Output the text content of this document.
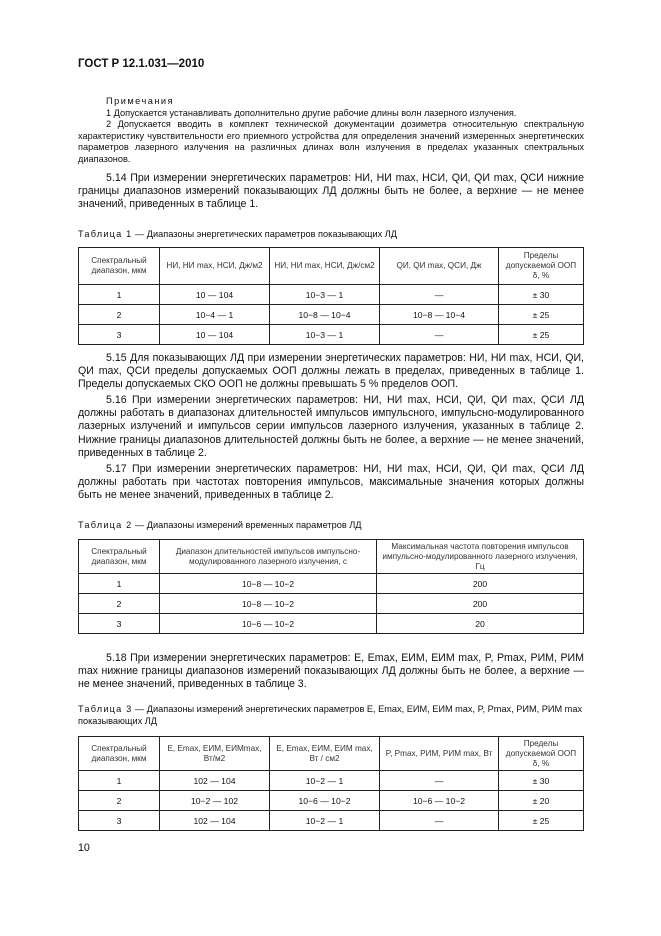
ГОСТ Р 12.1.031—2010
Примечания
1 Допускается устанавливать дополнительно другие рабочие длины волн лазерного излучения.
2 Допускается вводить в комплект технической документации дозиметра относительную спектральную характеристику чувствительности его приемного устройства для определения значений измеренных энергетических параметров лазерного излучения на различных длинах волн излучения в пределах указанных спектральных диапазонов.
5.14 При измерении энергетических параметров: HИ, HИ max, HСИ, QИ, QИ max, QСИ нижние границы диапазонов измерений показывающих ЛД должны быть не более, а верхние — не менее значений, приведенных в таблице 1.
Таблица 1 — Диапазоны энергетических параметров показывающих ЛД
Спектральный диапазон, мкм	HИ, HИ max, HСИ, Дж/м2	HИ, HИ max, HСИ, Дж/см2	QИ, QИ max, QСИ, Дж	Пределы допускаемой ООП δ, %
1	10 — 104	10−3 — 1	—	± 30
2	10−4 — 1	10−8 — 10−4	10−8 — 10−4	± 25
3	10 — 104	10−3 — 1	—	± 25
5.15 Для показывающих ЛД при измерении энергетических параметров: HИ, HИ max, HСИ, QИ, QИ max, QСИ пределы допускаемых ООП должны лежать в пределах, приведенных в таблице 1. Пределы допускаемых СКО ООП не должны превышать 5 % пределов ООП.
5.16 При измерении энергетических параметров: HИ, HИ max, HСИ, QИ, QИ max, QСИ ЛД должны работать в диапазонах длительностей импульсов импульсного, импульсно-модулированного лазерных излучений и импульсов серии импульсов лазерного излучения, указанных в таблице 2. Нижние границы диапазонов длительностей должны быть не более, а верхние — не менее значений, приведенных в таблице 2.
5.17 При измерении энергетических параметров: HИ, HИ max, HСИ, QИ, QИ max, QСИ ЛД должны работать при частотах повторения импульсов, максимальные значения которых должны быть не менее значений, приведенных в таблице 2.
Таблица 2 — Диапазоны измерений временных параметров ЛД
Спектральный диапазон, мкм	Диапазон длительностей импульсов импульсно-модулированного лазерного излучения, с	Максимальная частота повторения импульсов импульсно-модулированного лазерного излучения, Гц
1	10−8 — 10−2	200
2	10−8 — 10−2	200
3	10−6 — 10−2	20
5.18 При измерении энергетических параметров: E, Emax, EИМ, EИМ max, P, Pmax, PИМ, PИМ max нижние границы диапазонов измерений показывающих ЛД должны быть не более, а верхние — не менее значений, приведенных в таблице 3.
Таблица 3 — Диапазоны измерений энергетических параметров E, Emax, EИМ, EИМ max, P, Pmax, PИМ, PИМ max показывающих ЛД
Спектральный диапазон, мкм	E, Emax, EИМ, EИМmax, Вт/м2	E, Emax, EИМ, EИМ max, Вт / см2	P, Pmax, PИМ, PИМ max, Вт	Пределы допускаемой ООП δ, %
1	102 — 104	10−2 — 1	—	± 30
2	10−2 — 102	10−6 — 10−2	10−6 — 10−2	± 20
3	102 — 104	10−2 — 1	—	± 25
10
